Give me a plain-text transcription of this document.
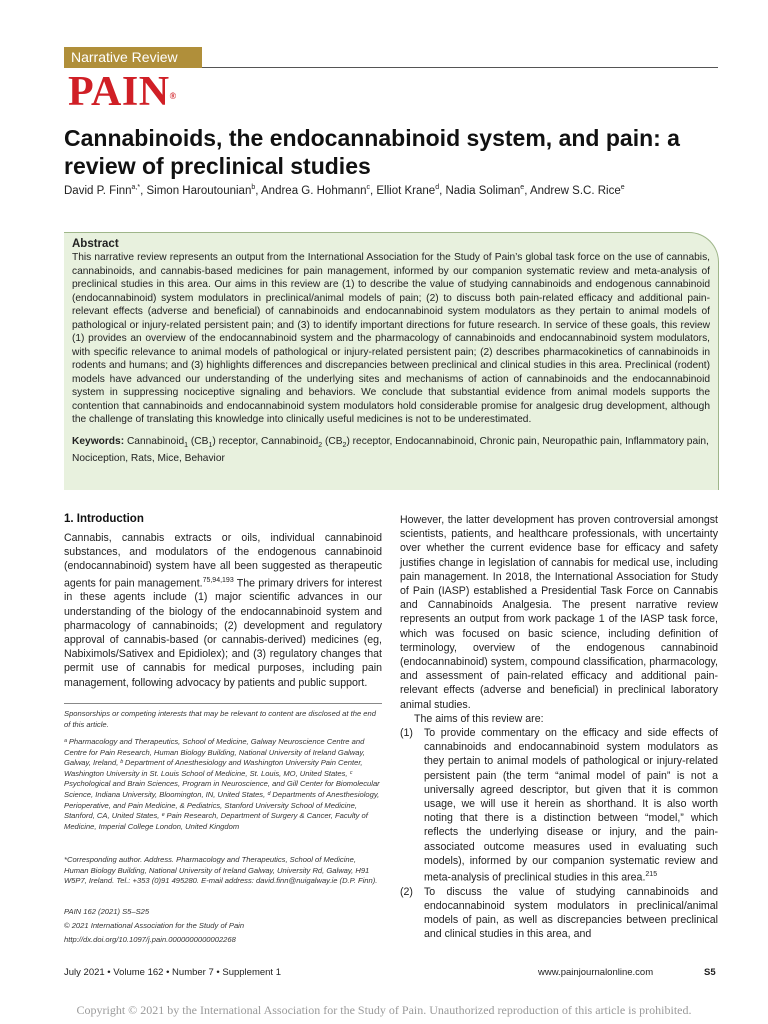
Narrative Review
PAIN®
Cannabinoids, the endocannabinoid system, and pain: a review of preclinical studies
David P. Finn$^{a,*}$, Simon Haroutounian$^b$, Andrea G. Hohmann$^c$, Elliot Krane$^d$, Nadia Soliman$^e$, Andrew S.C. Rice$^e$
Abstract
This narrative review represents an output from the International Association for the Study of Pain’s global task force on the use of cannabis, cannabinoids, and cannabis-based medicines for pain management, informed by our companion systematic review and meta-analysis of preclinical studies in this area. Our aims in this review are (1) to describe the value of studying cannabinoids and endogenous cannabinoid (endocannabinoid) system modulators in preclinical/animal models of pain; (2) to discuss both pain-related efficacy and additional pain-relevant effects (adverse and beneficial) of cannabinoids and endocannabinoid system modulators as they pertain to animal models of pathological or injury-related persistent pain; and (3) to identify important directions for future research. In service of these goals, this review (1) provides an overview of the endocannabinoid system and the pharmacology of cannabinoids and endocannabinoid system modulators, with specific relevance to animal models of pathological or injury-related persistent pain; (2) describes pharmacokinetics of cannabinoids in rodents and humans; and (3) highlights differences and discrepancies between preclinical and clinical studies in this area. Preclinical (rodent) models have advanced our understanding of the underlying sites and mechanisms of action of cannabinoids and the endocannabinoid system in suppressing nociceptive signaling and behaviors. We conclude that substantial evidence from animal models supports the contention that cannabinoids and endocannabinoid system modulators hold considerable promise for analgesic drug development, although the challenge of translating this knowledge into clinically useful medicines is not to be underestimated.
Keywords: Cannabinoid$_1$ $(CB_1)$ receptor, Cannabinoid$_2$ $(CB_2)$ receptor, Endocannabinoid, Chronic pain, Neuropathic pain, Inflammatory pain, Nociception, Rats, Mice, Behavior
1. Introduction
Cannabis, cannabis extracts or oils, individual cannabinoid substances, and modulators of the endogenous cannabinoid (endocannabinoid) system have all been suggested as therapeutic agents for pain management.$^{75,94,193}$ The primary drivers for interest in these agents include (1) major scientific advances in our understanding of the biology of the endocannabinoid system and pharmacology of cannabinoids; (2) development and regulatory approval of cannabis-based (or cannabis-derived) medicines (eg, Nabiximols/Sativex and Epidiolex); and (3) regulatory changes that permit use of cannabis for medical purposes, including pain management, following advocacy by patients and public support.
Sponsorships or competing interests that may be relevant to content are disclosed at the end of this article.
ᵃ Pharmacology and Therapeutics, School of Medicine, Galway Neuroscience Centre and Centre for Pain Research, Human Biology Building, National University of Ireland Galway, Galway, Ireland, ᵇ Department of Anesthesiology and Washington University Pain Center, Washington University in St. Louis School of Medicine, St. Louis, MO, United States, ᶜ Psychological and Brain Sciences, Program in Neuroscience, and Gill Center for Biomolecular Science, Indiana University, Bloomington, IN, United States, ᵈ Departments of Anesthesiology, Perioperative, and Pain Medicine, & Pediatrics, Stanford University School of Medicine, Stanford, CA, United States, ᵉ Pain Research, Department of Surgery & Cancer, Faculty of Medicine, Imperial College London, United Kingdom
*Corresponding author. Address. Pharmacology and Therapeutics, School of Medicine, Human Biology Building, National University of Ireland Galway, University Rd, Galway, H91 W5P7, Ireland. Tel.: +353 (0)91 495280. E-mail address: david.finn@nuigalway.ie (D.P. Finn).
PAIN 162 (2021) S5–S25
© 2021 International Association for the Study of Pain
http://dx.doi.org/10.1097/j.pain.0000000000002268
However, the latter development has proven controversial amongst scientists, patients, and healthcare professionals, with uncertainty over whether the current evidence base for efficacy and safety justifies change in legislation of cannabis for medical use, including pain management. In 2018, the International Association for Study of Pain (IASP) established a Presidential Task Force on Cannabis and Cannabinoids Analgesia. The present narrative review represents an output from work package 1 of the IASP task force, which was focused on basic science, including definition of terminology, overview of the endogenous cannabinoid (endocannabinoid) system, compound classification, pharmacology, and assessment of pain-related efficacy and additional pain-relevant effects (adverse and beneficial) in preclinical laboratory animal studies.
The aims of this review are:
(1)	To provide commentary on the efficacy and side effects of cannabinoids and endocannabinoid system modulators as they pertain to animal models of pathological or injury-related persistent pain (the term “animal model of pain” is not a universally agreed descriptor, but given that it is common usage, we will use it herein as shorthand. It is also worth noting that there is a distinction between “model,” which reflects the underlying disease or injury, and the pain-associated outcome measures used in evaluating such models), informed by our companion systematic review and meta-analysis of preclinical studies in this area.$^{215}$
(2)	To discuss the value of studying cannabinoids and endocannabinoid system modulators in preclinical/animal models of pain, as well as discrepancies between preclinical and clinical studies in this area, and
July 2021 • Volume 162 • Number 7 • Supplement 1	www.painjournalonline.com	S5
Copyright © 2021 by the International Association for the Study of Pain. Unauthorized reproduction of this article is prohibited.
